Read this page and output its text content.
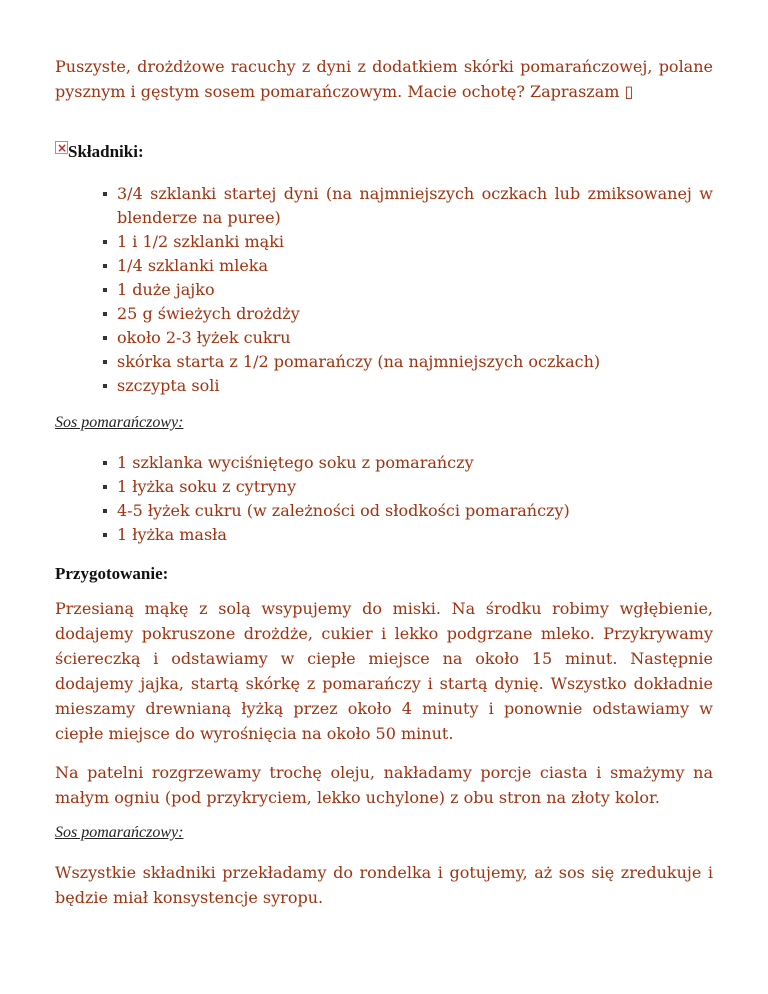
Puszyste, drożdżowe racuchy z dyni z dodatkiem skórki pomarańczowej, polane pysznym i gęstym sosem pomarańczowym. Macie ochotę? Zapraszam ▯

×
Składniki:
3/4 szklanki startej dyni (na najmniejszych oczkach lub zmiksowanej w blenderze na puree)
1 i 1/2 szklanki mąki
1/4 szklanki mleka
1 duże jajko
25 g świeżych drożdży
około 2-3 łyżek cukru
skórka starta z 1/2 pomarańczy (na najmniejszych oczkach)
szczypta soli
Sos pomarańczowy:
1 szklanka wyciśniętego soku z pomarańczy
1 łyżka soku z cytryny
4-5 łyżek cukru (w zależności od słodkości pomarańczy)
1 łyżka masła
Przygotowanie:

Przesianą mąkę z solą wsypujemy do miski. Na środku robimy wgłębienie, dodajemy pokruszone drożdże, cukier i lekko podgrzane mleko. Przykrywamy ściereczką i odstawiamy w ciepłe miejsce na około 15 minut. Następnie dodajemy jajka, startą skórkę z pomarańczy i startą dynię. Wszystko dokładnie mieszamy drewnianą łyżką przez około 4 minuty i ponownie odstawiamy w ciepłe miejsce do wyrośnięcia na około 50 minut.

Na patelni rozgrzewamy trochę oleju, nakładamy porcje ciasta i smażymy na małym ogniu (pod przykryciem, lekko uchylone) z obu stron na złoty kolor.

Sos pomarańczowy:

Wszystkie składniki przekładamy do rondelka i gotujemy, aż sos się zredukuje i będzie miał konsystencje syropu.
